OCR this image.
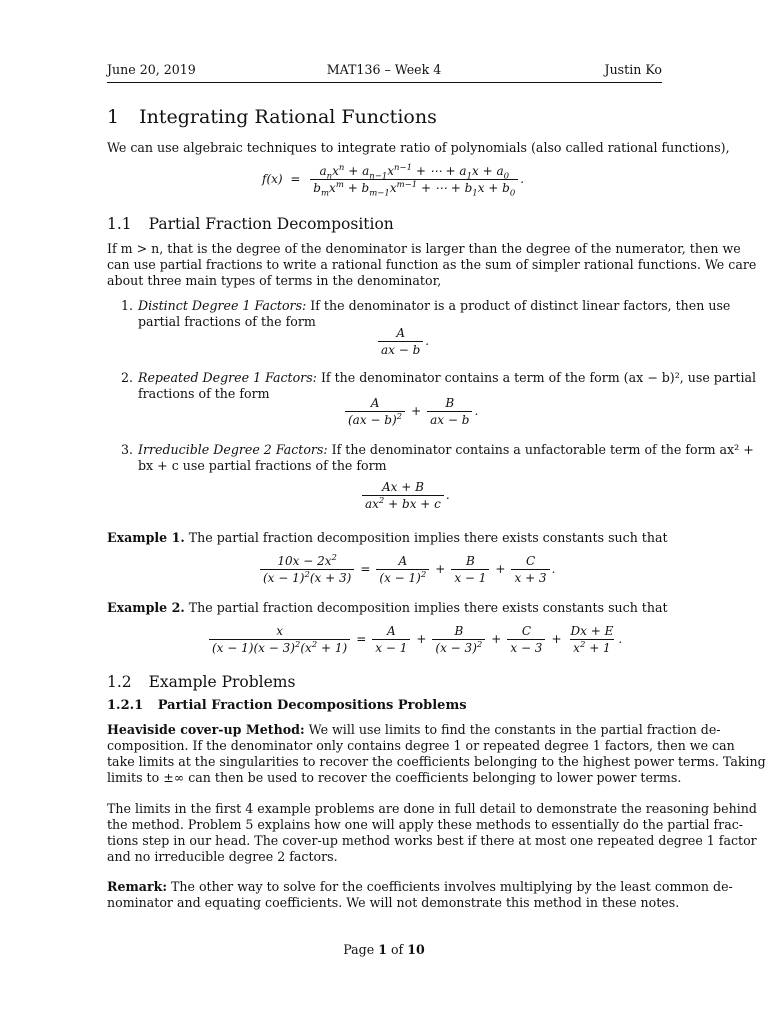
June 20, 2019	MAT136 – Week 4	Justin Ko
1 Integrating Rational Functions
We can use algebraic techniques to integrate ratio of polynomials (also called rational functions),
$f(x) = \frac{a_nx^n + a_{n-1}x^{n-1} + \cdots + a_1x + a_0}{b_mx^m + b_{m-1}x^{m-1} + \cdots + b_1x + b_0}$ .
1.1 Partial Fraction Decomposition
If m > n, that is the degree of the denominator is larger than the degree of the numerator, then we
can use partial fractions to write a rational function as the sum of simpler rational functions. We care
about three main types of terms in the denominator,
1. Distinct Degree 1 Factors: If the denominator is a product of distinct linear factors, then use
partial fractions of the form
$\frac{A}{ax - b}$ .
2. Repeated Degree 1 Factors: If the denominator contains a term of the form (ax − b)², use partial
fractions of the form
$\frac{A}{(ax - b)^2} + \frac{B}{ax - b}$ .
3. Irreducible Degree 2 Factors: If the denominator contains a unfactorable term of the form ax² +
bx + c use partial fractions of the form
$\frac{Ax + B}{ax^2 + bx + c}$ .
Example 1. The partial fraction decomposition implies there exists constants such that
$\frac{10x - 2x^2}{(x - 1)^2(x + 3)} = \frac{A}{(x - 1)^2} + \frac{B}{x - 1} + \frac{C}{x + 3}$ .
Example 2. The partial fraction decomposition implies there exists constants such that
$\frac{x}{(x - 1)(x - 3)^2(x^2 + 1)} = \frac{A}{x - 1} + \frac{B}{(x - 3)^2} + \frac{C}{x - 3} + \frac{Dx + E}{x^2 + 1}$ .
1.2 Example Problems
1.2.1 Partial Fraction Decompositions Problems
Heaviside cover-up Method: We will use limits to find the constants in the partial fraction de-
composition. If the denominator only contains degree 1 or repeated degree 1 factors, then we can
take limits at the singularities to recover the coefficients belonging to the highest power terms. Taking
limits to ±∞ can then be used to recover the coefficients belonging to lower power terms.
The limits in the first 4 example problems are done in full detail to demonstrate the reasoning behind
the method. Problem 5 explains how one will apply these methods to essentially do the partial frac-
tions step in our head. The cover-up method works best if there at most one repeated degree 1 factor
and no irreducible degree 2 factors.
Remark: The other way to solve for the coefficients involves multiplying by the least common de-
nominator and equating coefficients. We will not demonstrate this method in these notes.
Page 1 of 10
